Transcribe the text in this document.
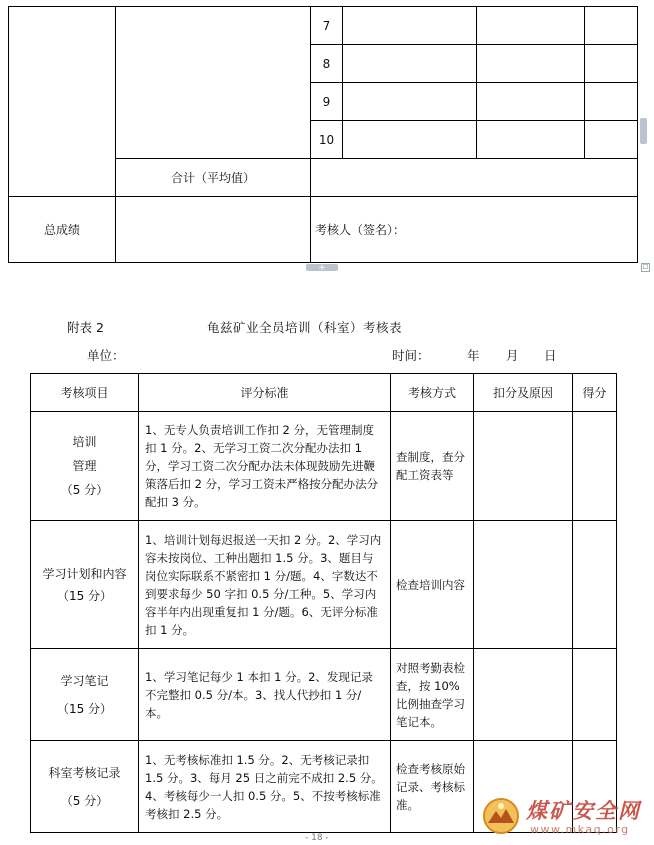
		7			
		8			
		9			
		10			
	合计（平均值）				
总成绩		考核人（签名）：			
+	□
附表 2	龟兹矿业全员培训（科室）考核表
单位：	时间：	年 月 日
考核项目	评分标准	考核方式	扣分及原因	得分

培训
管理
（5 分）	1、无专人负责培训工作扣 2 分，无管理制度扣 1 分。2、无学习工资二次分配办法扣 1 分，学习工资二次分配办法未体现鼓励先进鞭策落后扣 2 分，学习工资未严格按分配办法分配扣 3 分。	查制度，查分配工资表等		

学习计划和内容
（15 分）	1、培训计划每迟报送一天扣 2 分。2、学习内容未按岗位、工种出题扣 1.5 分。3、题目与岗位实际联系不紧密扣 1 分/题。4、字数达不到要求每少 50 字扣 0.5 分/工种。5、学习内容半年内出现重复扣 1 分/题。6、无评分标准扣 1 分。	检查培训内容		

学习笔记
（15 分）	1、学习笔记每少 1 本扣 1 分。2、发现记录不完整扣 0.5 分/本。3、找人代抄扣 1 分/本。	对照考勤表检查，按 10%比例抽查学习笔记本。		

科室考核记录
（5 分）	1、无考核标准扣 1.5 分。2、无考核记录扣 1.5 分。3、每月 25 日之前完不成扣 2.5 分。4、考核每少一人扣 0.5 分。5、不按考核标准考核扣 2.5 分。	检查考核原始记录、考核标准。		
- 18 -
煤矿安全网
www.mkaq.org
